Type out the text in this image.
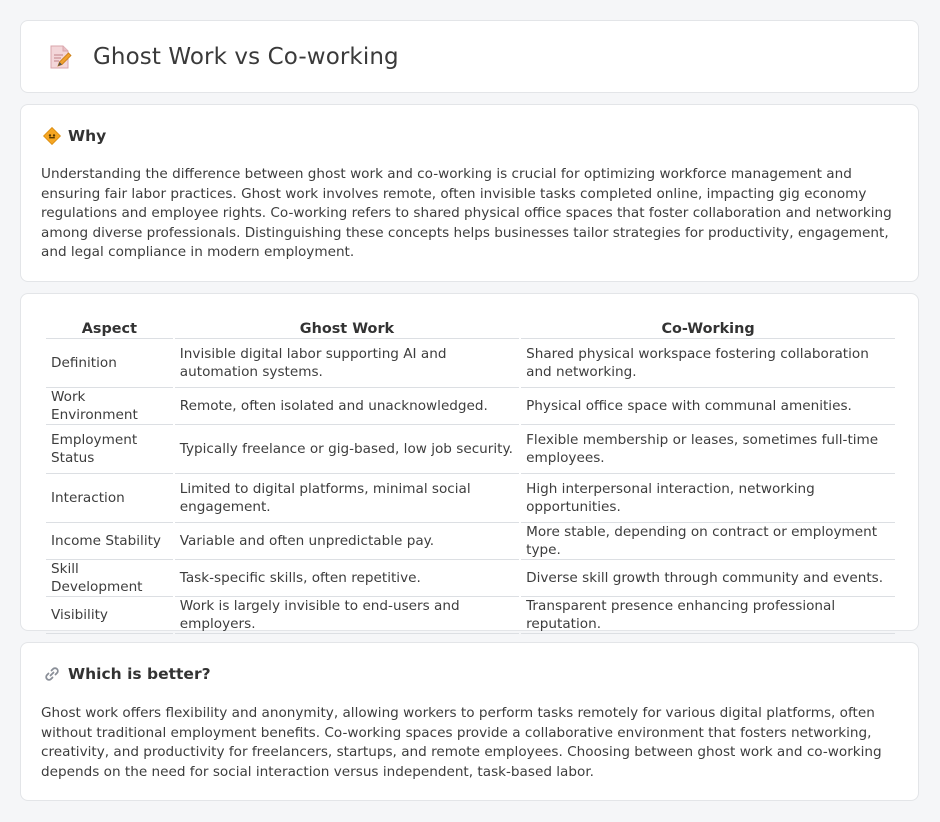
Ghost Work vs Co-working
Why

Understanding the difference between ghost work and co-working is crucial for optimizing workforce management and ensuring fair labor practices. Ghost work involves remote, often invisible tasks completed online, impacting gig economy regulations and employee rights. Co-working refers to shared physical office spaces that foster collaboration and networking among diverse professionals. Distinguishing these concepts helps businesses tailor strategies for productivity, engagement, and legal compliance in modern employment.

Aspect	Ghost Work	Co-Working
Definition	Invisible digital labor supporting AI and automation systems.	Shared physical workspace fostering collaboration and networking.
Work Environment	Remote, often isolated and unacknowledged.	Physical office space with communal amenities.
Employment Status	Typically freelance or gig-based, low job security.	Flexible membership or leases, sometimes full-time employees.
Interaction	Limited to digital platforms, minimal social engagement.	High interpersonal interaction, networking opportunities.
Income Stability	Variable and often unpredictable pay.	More stable, depending on contract or employment type.
Skill Development	Task-specific skills, often repetitive.	Diverse skill growth through community and events.
Visibility	Work is largely invisible to end-users and employers.	Transparent presence enhancing professional reputation.
Which is better?

Ghost work offers flexibility and anonymity, allowing workers to perform tasks remotely for various digital platforms, often without traditional employment benefits. Co-working spaces provide a collaborative environment that fosters networking, creativity, and productivity for freelancers, startups, and remote employees. Choosing between ghost work and co-working depends on the need for social interaction versus independent, task-based labor.
